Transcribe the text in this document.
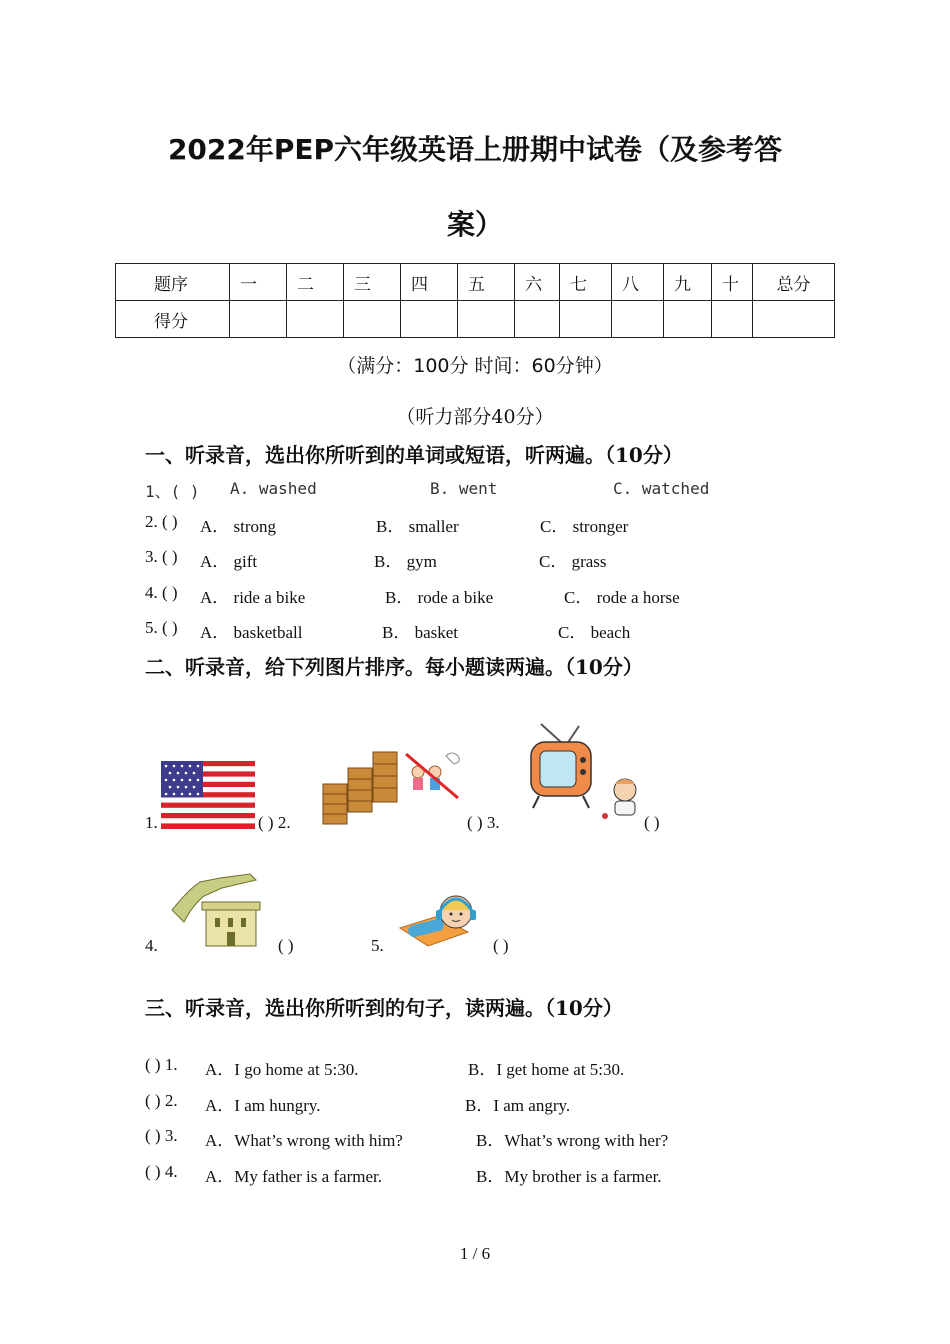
2022年PEP六年级英语上册期中试卷（及参考答
案）
题序	一	二	三	四	五	六	七	八	九	十	总分
得分											
（满分：100分 时间：60分钟）
（听力部分40分）
一、听录音，选出你所听到的单词或短语，听两遍。（10分）
1、( ) A. washed	B. went	C. watched
2. ( ) A． strong	B． smaller	C． stronger
3. ( ) A． gift	B． gym	C． grass
4. ( ) A． ride a bike	B． rode a bike	C． rode a horse
5. ( ) A． basketball	B． basket	C． beach
二、听录音，给下列图片排序。每小题读两遍。（10分）
1.	( ) 2.	( ) 3.	( )
4.	( )	5.	( )
三、听录音，选出你所听到的句子，读两遍。（10分）
( ) 1. A．I go home at 5:30.	B．I get home at 5:30.
( ) 2. A．I am hungry.	B．I am angry.
( ) 3. A．What’s wrong with him?	B．What’s wrong with her?
( ) 4. A．My father is a farmer.	B．My brother is a farmer.
1 / 6
